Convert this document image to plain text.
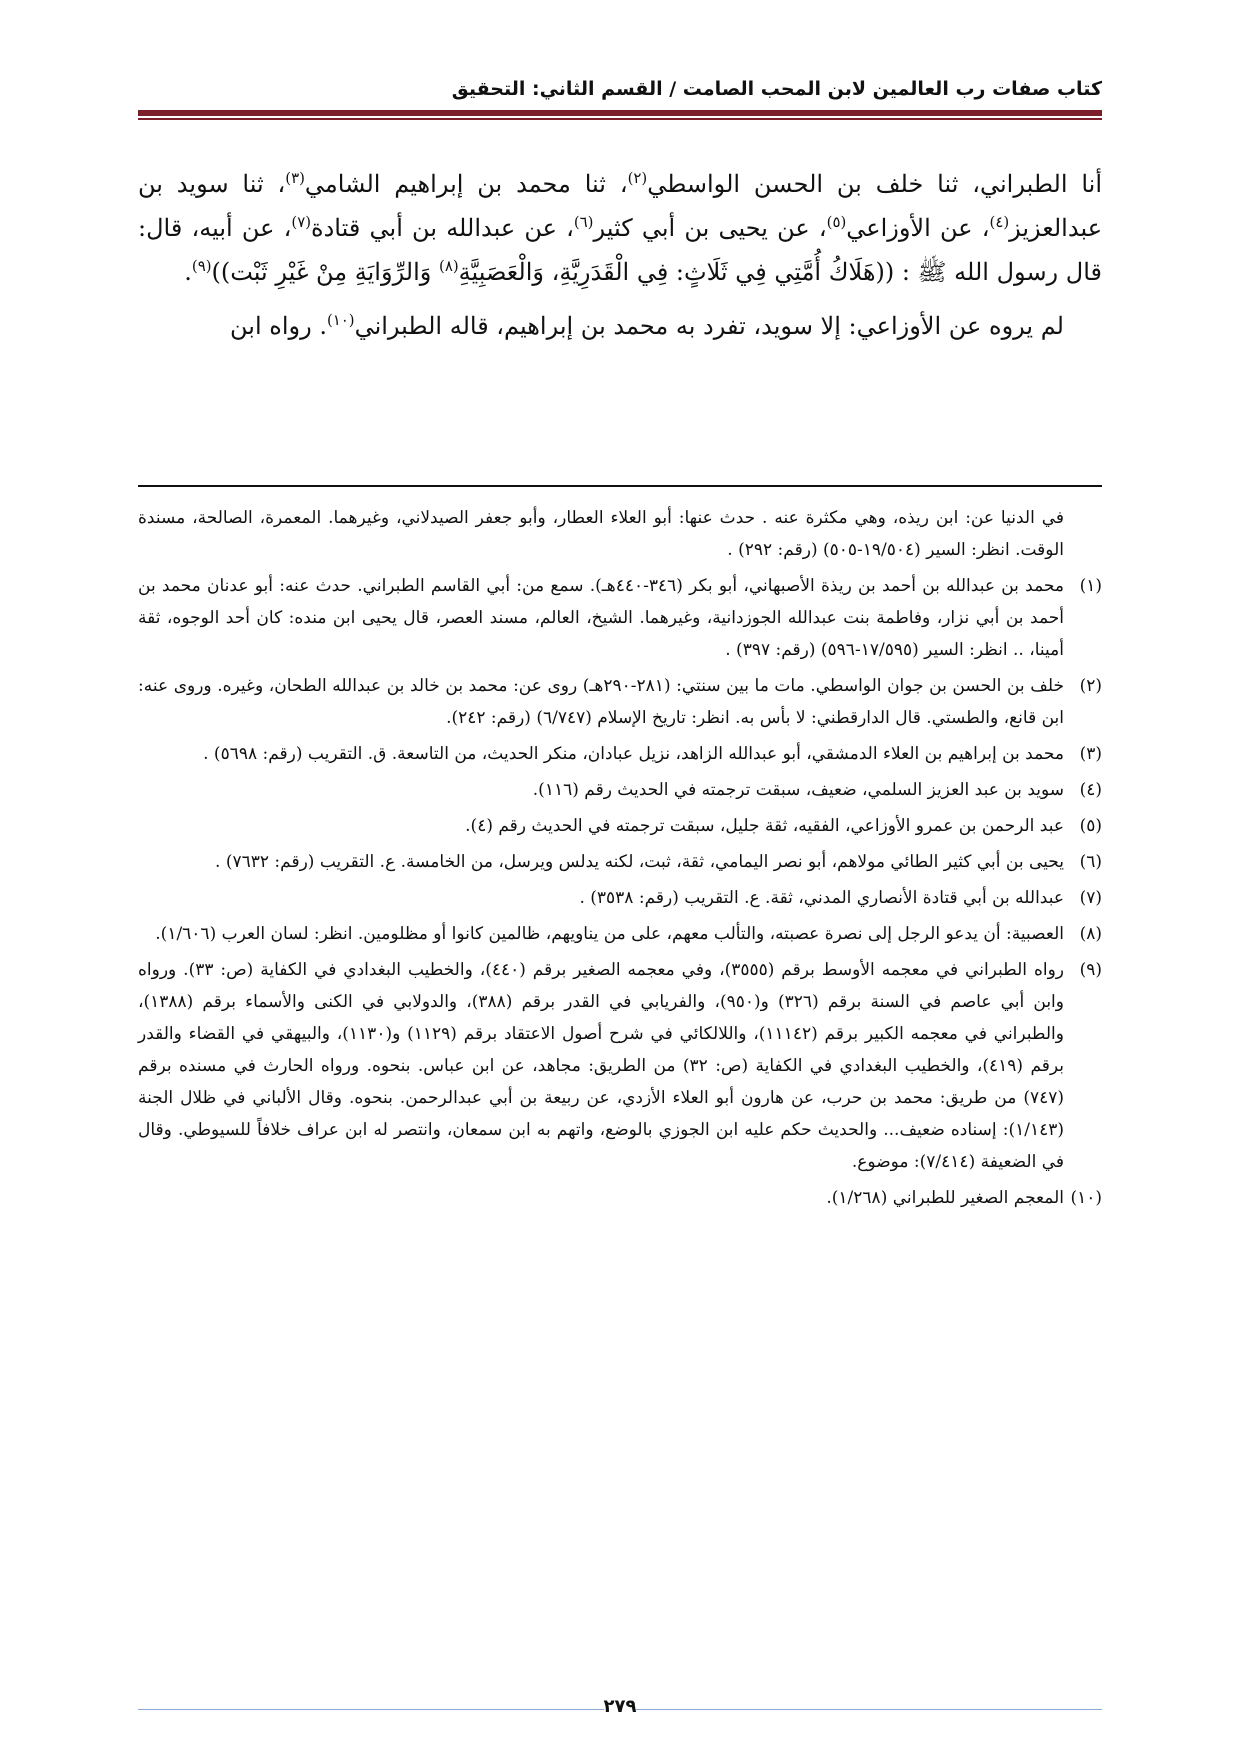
كتاب صفات رب العالمين لابن المحب الصامت / القسم الثاني: التحقيق

أنا الطبراني، ثنا خلف بن الحسن الواسطي$^{(٢)}$، ثنا محمد بن إبراهيم الشامي$^{(٣)}$، ثنا سويد بن عبدالعزيز$^{(٤)}$، عن الأوزاعي$^{(٥)}$، عن يحيى بن أبي كثير$^{(٦)}$، عن عبدالله بن أبي قتادة$^{(٧)}$، عن أبيه، قال: قال رسول الله ﷺ : ((هَلَاكُ أُمَّتِي فِي ثَلَاثٍ: فِي الْقَدَرِيَّةِ، وَالْعَصَبِيَّةِ$^{(٨)}$ وَالرِّوَايَةِ مِنْ غَيْرِ ثَبْت))$^{(٩)}$.

لم يروه عن الأوزاعي: إلا سويد، تفرد به محمد بن إبراهيم، قاله الطبراني$^{(١٠)}$. رواه ابن

في الدنيا عن: ابن ريذه، وهي مكثرة عنه . حدث عنها: أبو العلاء العطار، وأبو جعفر الصيدلاني، وغيرهما. المعمرة، الصالحة، مسندة الوقت. انظر: السير (١٩/٥٠٤-٥٠٥) (رقم: ٢٩٢) .
(١)
محمد بن عبدالله بن أحمد بن ريذة الأصبهاني، أبو بكر (٣٤٦-٤٤٠هـ). سمع من: أبي القاسم الطبراني. حدث عنه: أبو عدنان محمد بن أحمد بن أبي نزار، وفاطمة بنت عبدالله الجوزدانية، وغيرهما. الشيخ، العالم، مسند العصر، قال يحيى ابن منده: كان أحد الوجوه، ثقة أمينا، .. انظر: السير (١٧/٥٩٥-٥٩٦) (رقم: ٣٩٧) .
(٢)
خلف بن الحسن بن جوان الواسطي. مات ما بين سنتي: (٢٨١-٢٩٠هـ) روى عن: محمد بن خالد بن عبدالله الطحان، وغيره. وروى عنه: ابن قانع، والطستي. قال الدارقطني: لا بأس به. انظر: تاريخ الإسلام (٦/٧٤٧) (رقم: ٢٤٢).
(٣)
محمد بن إبراهيم بن العلاء الدمشقي، أبو عبدالله الزاهد، نزيل عبادان، منكر الحديث، من التاسعة. ق. التقريب (رقم: ٥٦٩٨) .
(٤)
سويد بن عبد العزيز السلمي، ضعيف، سبقت ترجمته في الحديث رقم (١١٦).
(٥)
عبد الرحمن بن عمرو الأوزاعي، الفقيه، ثقة جليل، سبقت ترجمته في الحديث رقم (٤).
(٦)
يحيى بن أبي كثير الطائي مولاهم، أبو نصر اليمامي، ثقة، ثبت، لكنه يدلس ويرسل، من الخامسة. ع. التقريب (رقم: ٧٦٣٢) .
(٧)
عبدالله بن أبي قتادة الأنصاري المدني، ثقة. ع. التقريب (رقم: ٣٥٣٨) .
(٨)
العصبية: أن يدعو الرجل إلى نصرة عصبته، والتألب معهم، على من يناويهم، ظالمين كانوا أو مظلومين. انظر: لسان العرب (١/٦٠٦).
(٩)
رواه الطبراني في معجمه الأوسط برقم (٣٥٥٥)، وفي معجمه الصغير برقم (٤٤٠)، والخطيب البغدادي في الكفاية (ص: ٣٣). ورواه وابن أبي عاصم في السنة برقم (٣٢٦) و(٩٥٠)، والفريابي في القدر برقم (٣٨٨)، والدولابي في الكنى والأسماء برقم (١٣٨٨)، والطبراني في معجمه الكبير برقم (١١١٤٢)، واللالكائي في شرح أصول الاعتقاد برقم (١١٢٩) و(١١٣٠)، والبيهقي في القضاء والقدر برقم (٤١٩)، والخطيب البغدادي في الكفاية (ص: ٣٢) من الطريق: مجاهد، عن ابن عباس. بنحوه. ورواه الحارث في مسنده برقم (٧٤٧) من طريق: محمد بن حرب، عن هارون أبو العلاء الأزدي، عن ربيعة بن أبي عبدالرحمن. بنحوه. وقال الألباني في ظلال الجنة (١/١٤٣): إسناده ضعيف... والحديث حكم عليه ابن الجوزي بالوضع، واتهم به ابن سمعان، وانتصر له ابن عراف خلافاً للسيوطي. وقال في الضعيفة (٧/٤١٤): موضوع.
(١٠)
المعجم الصغير للطبراني (١/٢٦٨).
٢٧٩
